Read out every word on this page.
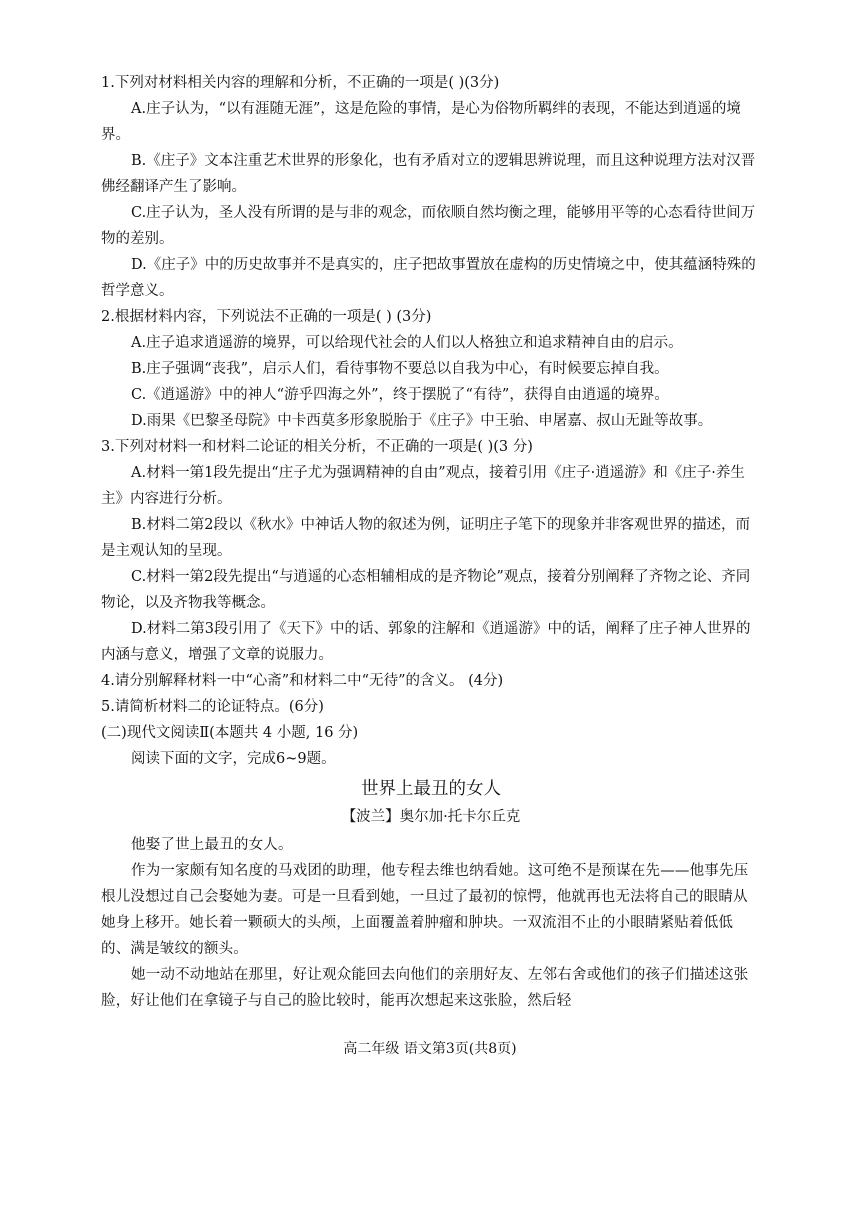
1.下列对材料相关内容的理解和分析，不正确的一项是( )(3分)

A.庄子认为，“以有涯随无涯”，这是危险的事情，是心为俗物所羁绊的表现，不能达到逍遥的境界。

B.《庄子》文本注重艺术世界的形象化，也有矛盾对立的逻辑思辨说理，而且这种说理方法对汉晋佛经翻译产生了影响。

C.庄子认为，圣人没有所谓的是与非的观念，而依顺自然均衡之理，能够用平等的心态看待世间万物的差别。

D.《庄子》中的历史故事并不是真实的，庄子把故事置放在虚构的历史情境之中，使其蕴涵特殊的哲学意义。

2.根据材料内容，下列说法不正确的一项是( ) (3分)

A.庄子追求逍遥游的境界，可以给现代社会的人们以人格独立和追求精神自由的启示。

B.庄子强调“丧我”，启示人们，看待事物不要总以自我为中心，有时候要忘掉自我。

C.《逍遥游》中的神人“游乎四海之外”，终于摆脱了“有待”，获得自由逍遥的境界。

D.雨果《巴黎圣母院》中卡西莫多形象脱胎于《庄子》中王骀、申屠嘉、叔山无趾等故事。

3.下列对材料一和材料二论证的相关分析，不正确的一项是( )(3 分)

A.材料一第1段先提出“庄子尤为强调精神的自由”观点，接着引用《庄子·逍遥游》和《庄子·养生主》内容进行分析。

B.材料二第2段以《秋水》中神话人物的叙述为例，证明庄子笔下的现象并非客观世界的描述，而是主观认知的呈现。

C.材料一第2段先提出“与逍遥的心态相辅相成的是齐物论”观点，接着分别阐释了齐物之论、齐同物论，以及齐物我等概念。

D.材料二第3段引用了《天下》中的话、郭象的注解和《逍遥游》中的话，阐释了庄子神人世界的内涵与意义，增强了文章的说服力。

4.请分别解释材料一中“心斋”和材料二中“无待”的含义。 (4分)

5.请简析材料二的论证特点。(6分)

(二)现代文阅读Ⅱ(本题共 4 小题, 16 分)

阅读下面的文字，完成6~9题。

世界上最丑的女人

【波兰】奥尔加·托卡尔丘克

他娶了世上最丑的女人。

作为一家颇有知名度的马戏团的助理，他专程去维也纳看她。这可绝不是预谋在先——他事先压根儿没想过自己会娶她为妻。可是一旦看到她，一旦过了最初的惊愕，他就再也无法将自己的眼睛从她身上移开。她长着一颗硕大的头颅，上面覆盖着肿瘤和肿块。一双流泪不止的小眼睛紧贴着低低的、满是皱纹的额头。

她一动不动地站在那里，好让观众能回去向他们的亲朋好友、左邻右舍或他们的孩子们描述这张脸，好让他们在拿镜子与自己的脸比较时，能再次想起来这张脸，然后轻

高二年级 语文第3页(共8页)
